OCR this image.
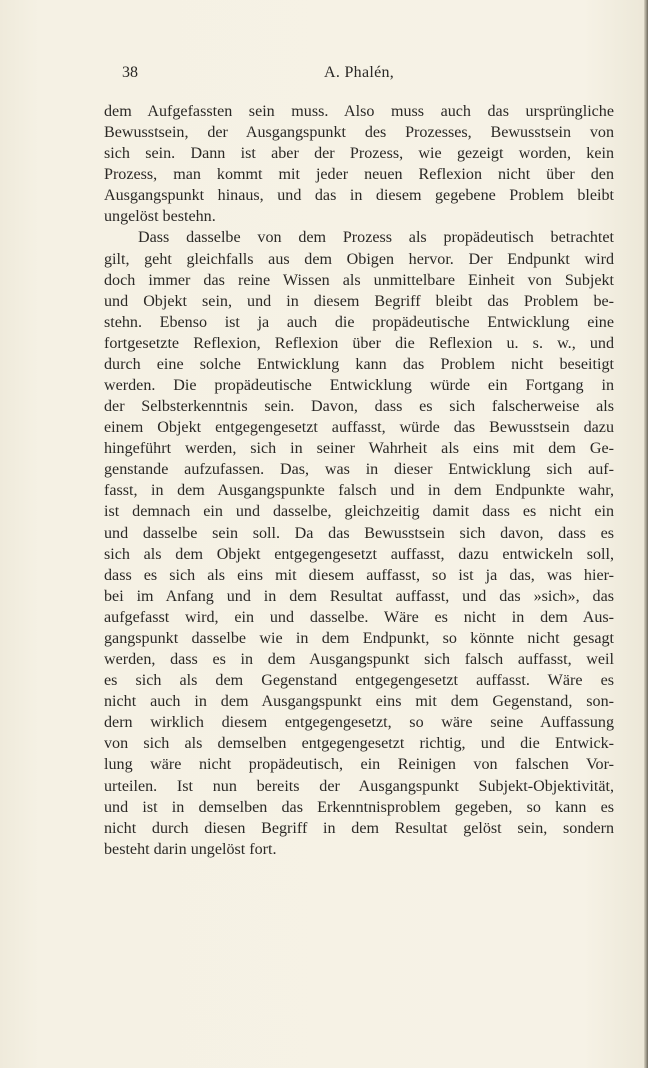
38	A. Phalén,
dem Aufgefassten sein muss. Also muss auch das ursprüngliche
Bewusstsein, der Ausgangspunkt des Prozesses, Bewusstsein von
sich sein. Dann ist aber der Prozess, wie gezeigt worden, kein
Prozess, man kommt mit jeder neuen Reflexion nicht über den
Ausgangspunkt hinaus, und das in diesem gegebene Problem bleibt
ungelöst bestehn.
Dass dasselbe von dem Prozess als propädeutisch betrachtet
gilt, geht gleichfalls aus dem Obigen hervor. Der Endpunkt wird
doch immer das reine Wissen als unmittelbare Einheit von Subjekt
und Objekt sein, und in diesem Begriff bleibt das Problem be-
stehn. Ebenso ist ja auch die propädeutische Entwicklung eine
fortgesetzte Reflexion, Reflexion über die Reflexion u. s. w., und
durch eine solche Entwicklung kann das Problem nicht beseitigt
werden. Die propädeutische Entwicklung würde ein Fortgang in
der Selbsterkenntnis sein. Davon, dass es sich falscherweise als
einem Objekt entgegengesetzt auffasst, würde das Bewusstsein dazu
hingeführt werden, sich in seiner Wahrheit als eins mit dem Ge-
genstande aufzufassen. Das, was in dieser Entwicklung sich auf-
fasst, in dem Ausgangspunkte falsch und in dem Endpunkte wahr,
ist demnach ein und dasselbe, gleichzeitig damit dass es nicht ein
und dasselbe sein soll. Da das Bewusstsein sich davon, dass es
sich als dem Objekt entgegengesetzt auffasst, dazu entwickeln soll,
dass es sich als eins mit diesem auffasst, so ist ja das, was hier-
bei im Anfang und in dem Resultat auffasst, und das »sich», das
aufgefasst wird, ein und dasselbe. Wäre es nicht in dem Aus-
gangspunkt dasselbe wie in dem Endpunkt, so könnte nicht gesagt
werden, dass es in dem Ausgangspunkt sich falsch auffasst, weil
es sich als dem Gegenstand entgegengesetzt auffasst. Wäre es
nicht auch in dem Ausgangspunkt eins mit dem Gegenstand, son-
dern wirklich diesem entgegengesetzt, so wäre seine Auffassung
von sich als demselben entgegengesetzt richtig, und die Entwick-
lung wäre nicht propädeutisch, ein Reinigen von falschen Vor-
urteilen. Ist nun bereits der Ausgangspunkt Subjekt-Objektivität,
und ist in demselben das Erkenntnisproblem gegeben, so kann es
nicht durch diesen Begriff in dem Resultat gelöst sein, sondern
besteht darin ungelöst fort.
